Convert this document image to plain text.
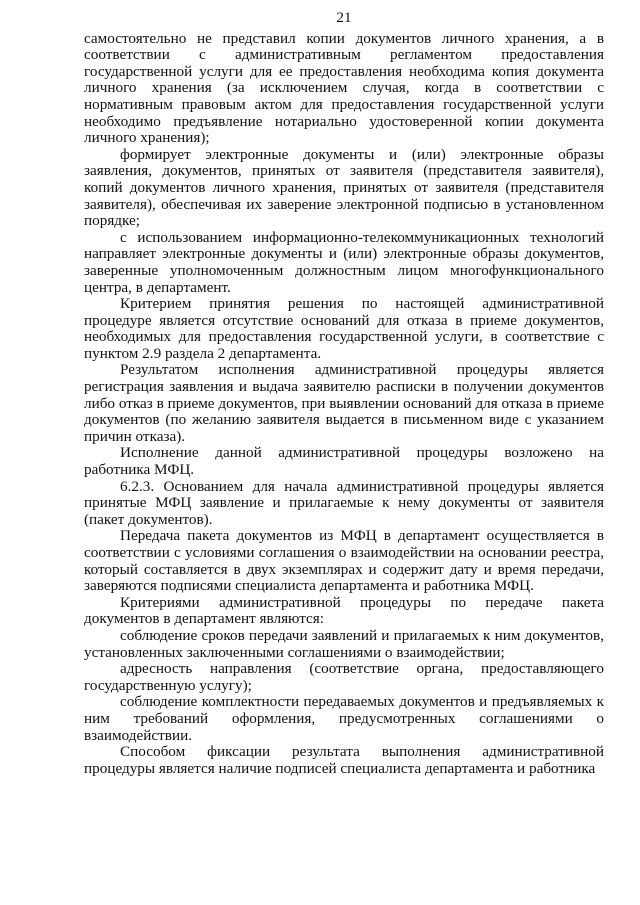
21

самостоятельно не представил копии документов личного хранения, а в соответствии с административным регламентом предоставления государственной услуги для ее предоставления необходима копия документа личного хранения (за исключением случая, когда в соответствии с нормативным правовым актом для предоставления государственной услуги необходимо предъявление нотариально удостоверенной копии документа личного хранения);

формирует электронные документы и (или) электронные образы заявления, документов, принятых от заявителя (представителя заявителя), копий документов личного хранения, принятых от заявителя (представителя заявителя), обеспечивая их заверение электронной подписью в установленном порядке;

с использованием информационно-телекоммуникационных технологий направляет электронные документы и (или) электронные образы документов, заверенные уполномоченным должностным лицом многофункционального центра, в департамент.

Критерием принятия решения по настоящей административной процедуре является отсутствие оснований для отказа в приеме документов, необходимых для предоставления государственной услуги, в соответствие с пунктом 2.9 раздела 2 департамента.

Результатом исполнения административной процедуры является регистрация заявления и выдача заявителю расписки в получении документов либо отказ в приеме документов, при выявлении оснований для отказа в приеме документов (по желанию заявителя выдается в письменном виде с указанием причин отказа).

Исполнение данной административной процедуры возложено на работника МФЦ.

6.2.3. Основанием для начала административной процедуры является принятые МФЦ заявление и прилагаемые к нему документы от заявителя (пакет документов).

Передача пакета документов из МФЦ в департамент осуществляется в соответствии с условиями соглашения о взаимодействии на основании реестра, который составляется в двух экземплярах и содержит дату и время передачи, заверяются подписями специалиста департамента и работника МФЦ.

Критериями административной процедуры по передаче пакета документов в департамент являются:

соблюдение сроков передачи заявлений и прилагаемых к ним документов, установленных заключенными соглашениями о взаимодействии;

адресность направления (соответствие органа, предоставляющего государственную услугу);

соблюдение комплектности передаваемых документов и предъявляемых к ним требований оформления, предусмотренных соглашениями о взаимодействии.

Способом фиксации результата выполнения административной процедуры является наличие подписей специалиста департамента и работника
